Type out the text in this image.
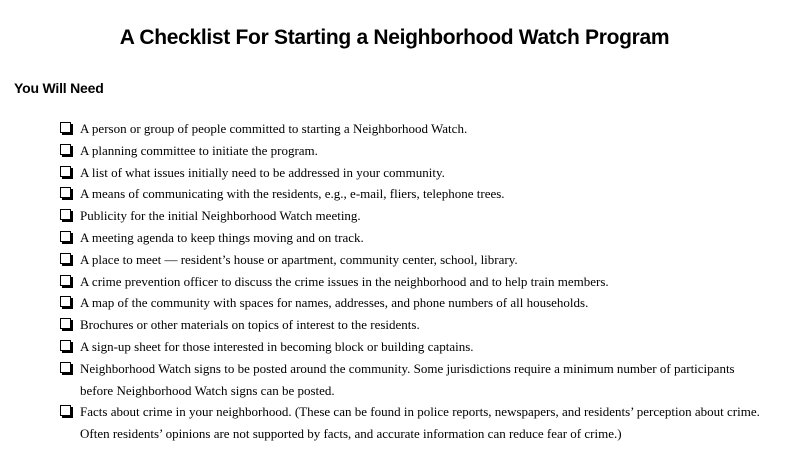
A Checklist For Starting a Neighborhood Watch Program
You Will Need
A person or group of people committed to starting a Neighborhood Watch.
A planning committee to initiate the program.
A list of what issues initially need to be addressed in your community.
A means of communicating with the residents, e.g., e-mail, fliers, telephone trees.
Publicity for the initial Neighborhood Watch meeting.
A meeting agenda to keep things moving and on track.
A place to meet — resident’s house or apartment, community center, school, library.
A crime prevention officer to discuss the crime issues in the neighborhood and to help train members.
A map of the community with spaces for names, addresses, and phone numbers of all households.
Brochures or other materials on topics of interest to the residents.
A sign-up sheet for those interested in becoming block or building captains.
Neighborhood Watch signs to be posted around the community. Some jurisdictions require a minimum number of participants before Neighborhood Watch signs can be posted.
Facts about crime in your neighborhood. (These can be found in police reports, newspapers, and residents’ perception about crime. Often residents’ opinions are not supported by facts, and accurate information can reduce fear of crime.)
